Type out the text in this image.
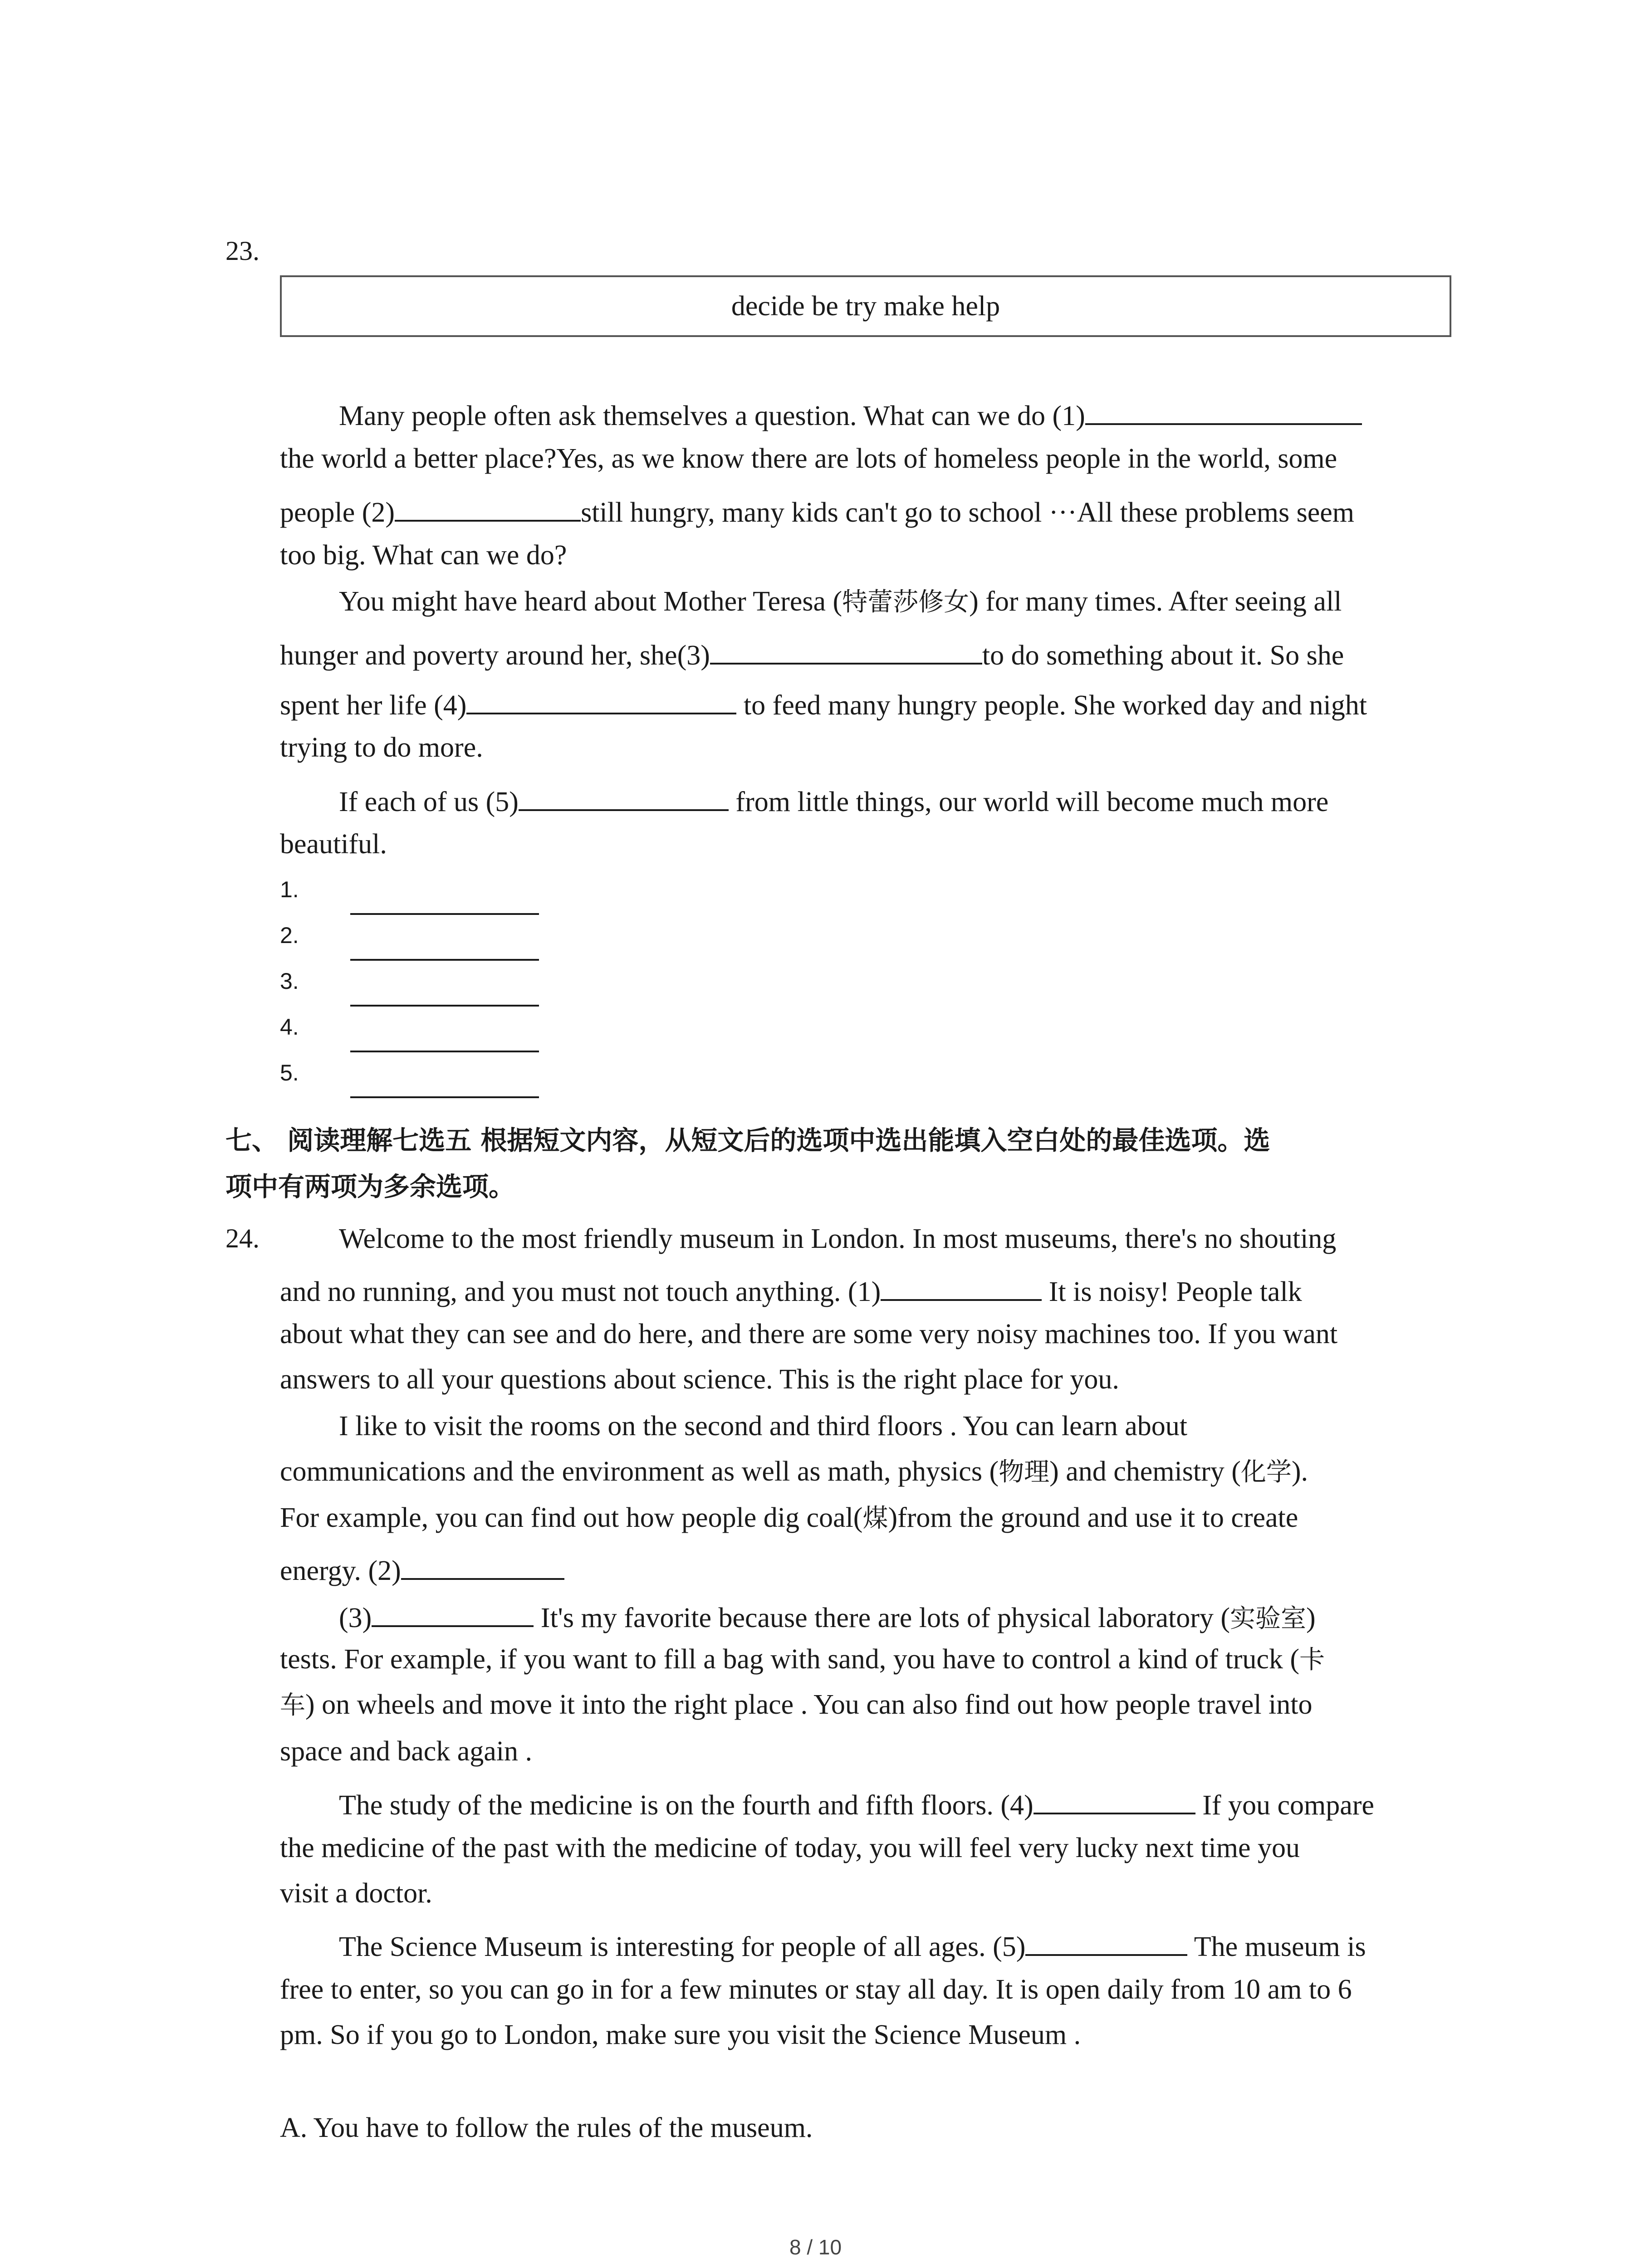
23.
decide be try make help
Many people often ask themselves a question. What can we do (1)
the world a better place?Yes, as we know there are lots of homeless people in the world, some
people (2)	still hungry, many kids can't go to school ···All these problems seem
too big. What can we do?
You might have heard about Mother Teresa (特蕾莎修女) for many times. After seeing all
hunger and poverty around her, she(3)	to do something about it. So she
spent her life (4)	to feed many hungry people. She worked day and night
trying to do more.
If each of us (5)	from little things, our world will become much more
beautiful.
1.
2.
3.
4.
5.
七、 阅读理解七选五 根据短文内容，从短文后的选项中选出能填入空白处的最佳选项。选
项中有两项为多余选项。
24.	Welcome to the most friendly museum in London. In most museums, there's no shouting
and no running, and you must not touch anything. (1)	It is noisy! People talk
about what they can see and do here, and there are some very noisy machines too. If you want
answers to all your questions about science. This is the right place for you.
I like to visit the rooms on the second and third floors . You can learn about
communications and the environment as well as math, physics (物理) and chemistry (化学).
For example, you can find out how people dig coal(煤)from the ground and use it to create
energy. (2)
(3)	It's my favorite because there are lots of physical laboratory (实验室)
tests. For example, if you want to fill a bag with sand, you have to control a kind of truck (卡
车) on wheels and move it into the right place . You can also find out how people travel into
space and back again .
The study of the medicine is on the fourth and fifth floors. (4)	If you compare
the medicine of the past with the medicine of today, you will feel very lucky next time you
visit a doctor.
The Science Museum is interesting for people of all ages. (5)	The museum is
free to enter, so you can go in for a few minutes or stay all day. It is open daily from 10 am to 6
pm. So if you go to London, make sure you visit the Science Museum .
A. You have to follow the rules of the museum.
8 / 10
